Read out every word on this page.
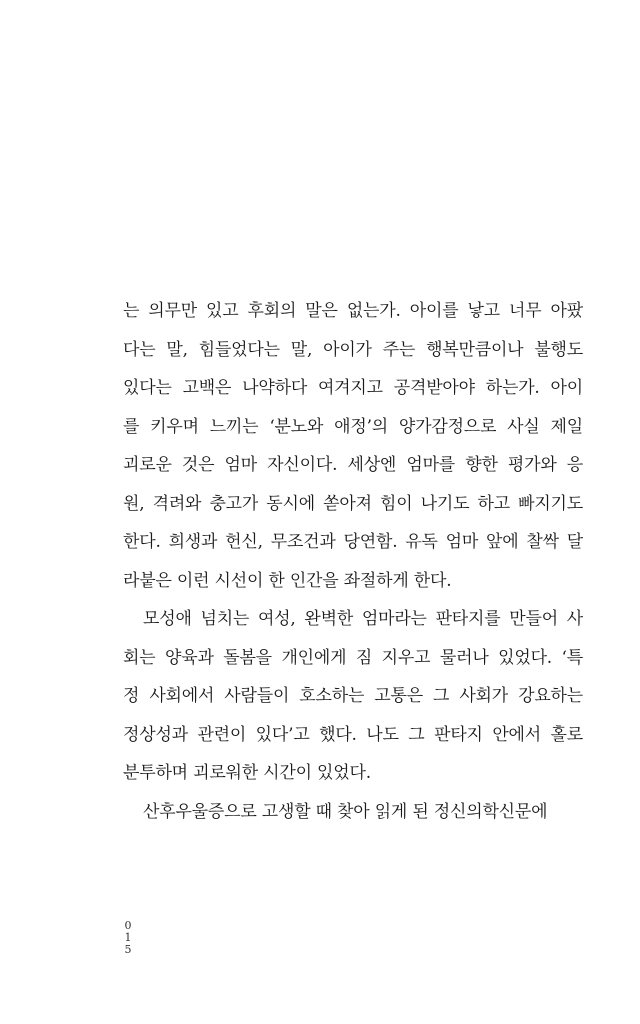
는 의무만 있고 후회의 말은 없는가. 아이를 낳고 너무 아팠
다는 말, 힘들었다는 말, 아이가 주는 행복만큼이나 불행도
있다는 고백은 나약하다 여겨지고 공격받아야 하는가. 아이
를 키우며 느끼는 ‘분노와 애정’의 양가감정으로 사실 제일
괴로운 것은 엄마 자신이다. 세상엔 엄마를 향한 평가와 응
원, 격려와 충고가 동시에 쏟아져 힘이 나기도 하고 빠지기도
한다. 희생과 헌신, 무조건과 당연함. 유독 엄마 앞에 찰싹 달
라붙은 이런 시선이 한 인간을 좌절하게 한다.
모성애 넘치는 여성, 완벽한 엄마라는 판타지를 만들어 사
회는 양육과 돌봄을 개인에게 짐 지우고 물러나 있었다. ‘특
정 사회에서 사람들이 호소하는 고통은 그 사회가 강요하는
정상성과 관련이 있다’고 했다. 나도 그 판타지 안에서 홀로
분투하며 괴로워한 시간이 있었다.
산후우울증으로 고생할 때 찾아 읽게 된 정신의학신문에
0
1
5
